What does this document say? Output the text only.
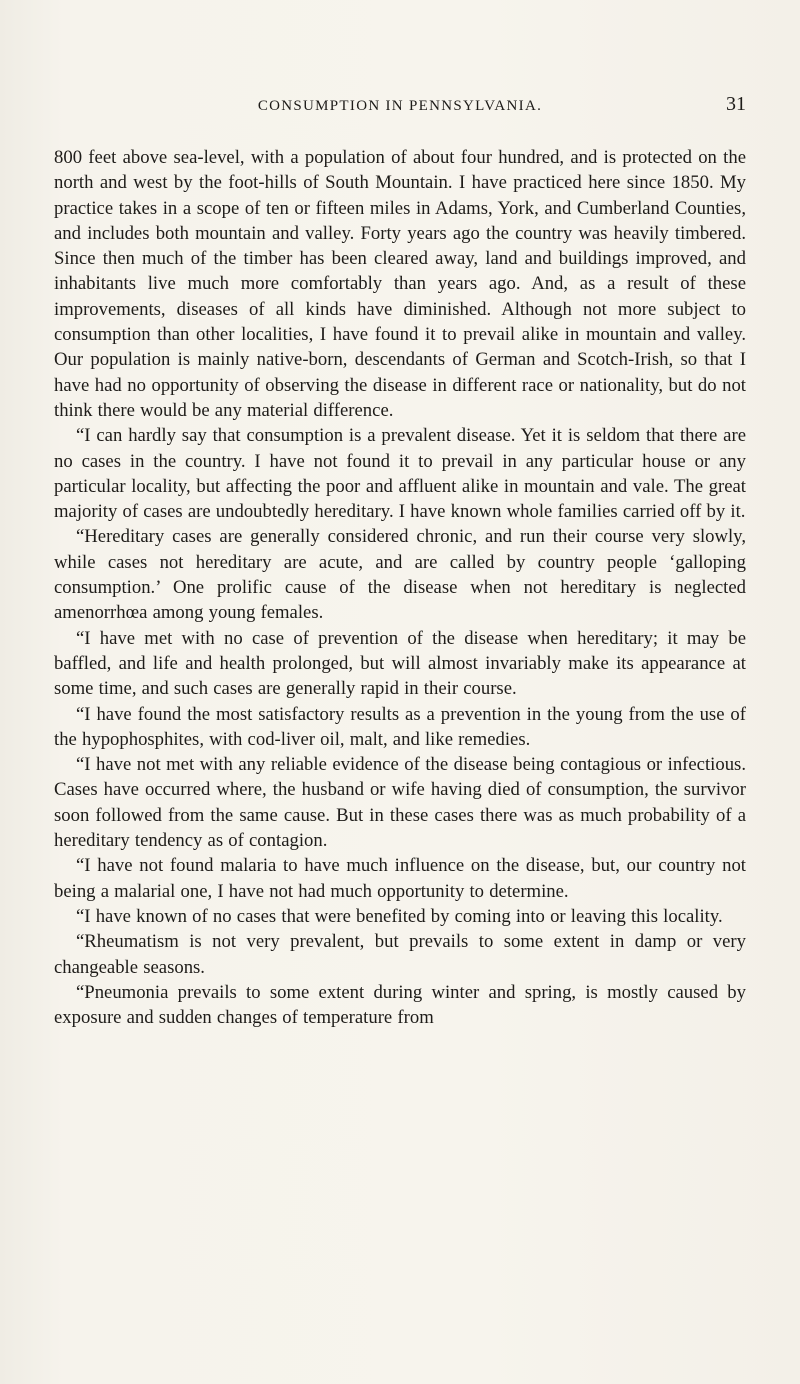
CONSUMPTION IN PENNSYLVANIA.	31

800 feet above sea-level, with a population of about four hundred, and is protected on the north and west by the foot-hills of South Mountain. I have practiced here since 1850. My practice takes in a scope of ten or fifteen miles in Adams, York, and Cumberland Counties, and includes both mountain and valley. Forty years ago the country was heavily timbered. Since then much of the timber has been cleared away, land and buildings improved, and inhabitants live much more comfortably than years ago. And, as a result of these improvements, diseases of all kinds have diminished. Although not more subject to consumption than other localities, I have found it to prevail alike in mountain and valley. Our population is mainly native-born, descendants of German and Scotch-Irish, so that I have had no opportunity of observing the disease in different race or nationality, but do not think there would be any material difference.

“I can hardly say that consumption is a prevalent disease. Yet it is seldom that there are no cases in the country. I have not found it to prevail in any particular house or any particular locality, but affecting the poor and affluent alike in mountain and vale. The great majority of cases are undoubtedly hereditary. I have known whole families carried off by it.

“Hereditary cases are generally considered chronic, and run their course very slowly, while cases not hereditary are acute, and are called by country people ‘galloping consumption.’ One prolific cause of the disease when not hereditary is neglected amenorrhœa among young females.

“I have met with no case of prevention of the disease when hereditary; it may be baffled, and life and health prolonged, but will almost invariably make its appearance at some time, and such cases are generally rapid in their course.

“I have found the most satisfactory results as a prevention in the young from the use of the hypophosphites, with cod-liver oil, malt, and like remedies.

“I have not met with any reliable evidence of the disease being contagious or infectious. Cases have occurred where, the husband or wife having died of consumption, the survivor soon followed from the same cause. But in these cases there was as much probability of a hereditary tendency as of contagion.

“I have not found malaria to have much influence on the disease, but, our country not being a malarial one, I have not had much opportunity to determine.

“I have known of no cases that were benefited by coming into or leaving this locality.

“Rheumatism is not very prevalent, but prevails to some extent in damp or very changeable seasons.

“Pneumonia prevails to some extent during winter and spring, is mostly caused by exposure and sudden changes of temperature from
